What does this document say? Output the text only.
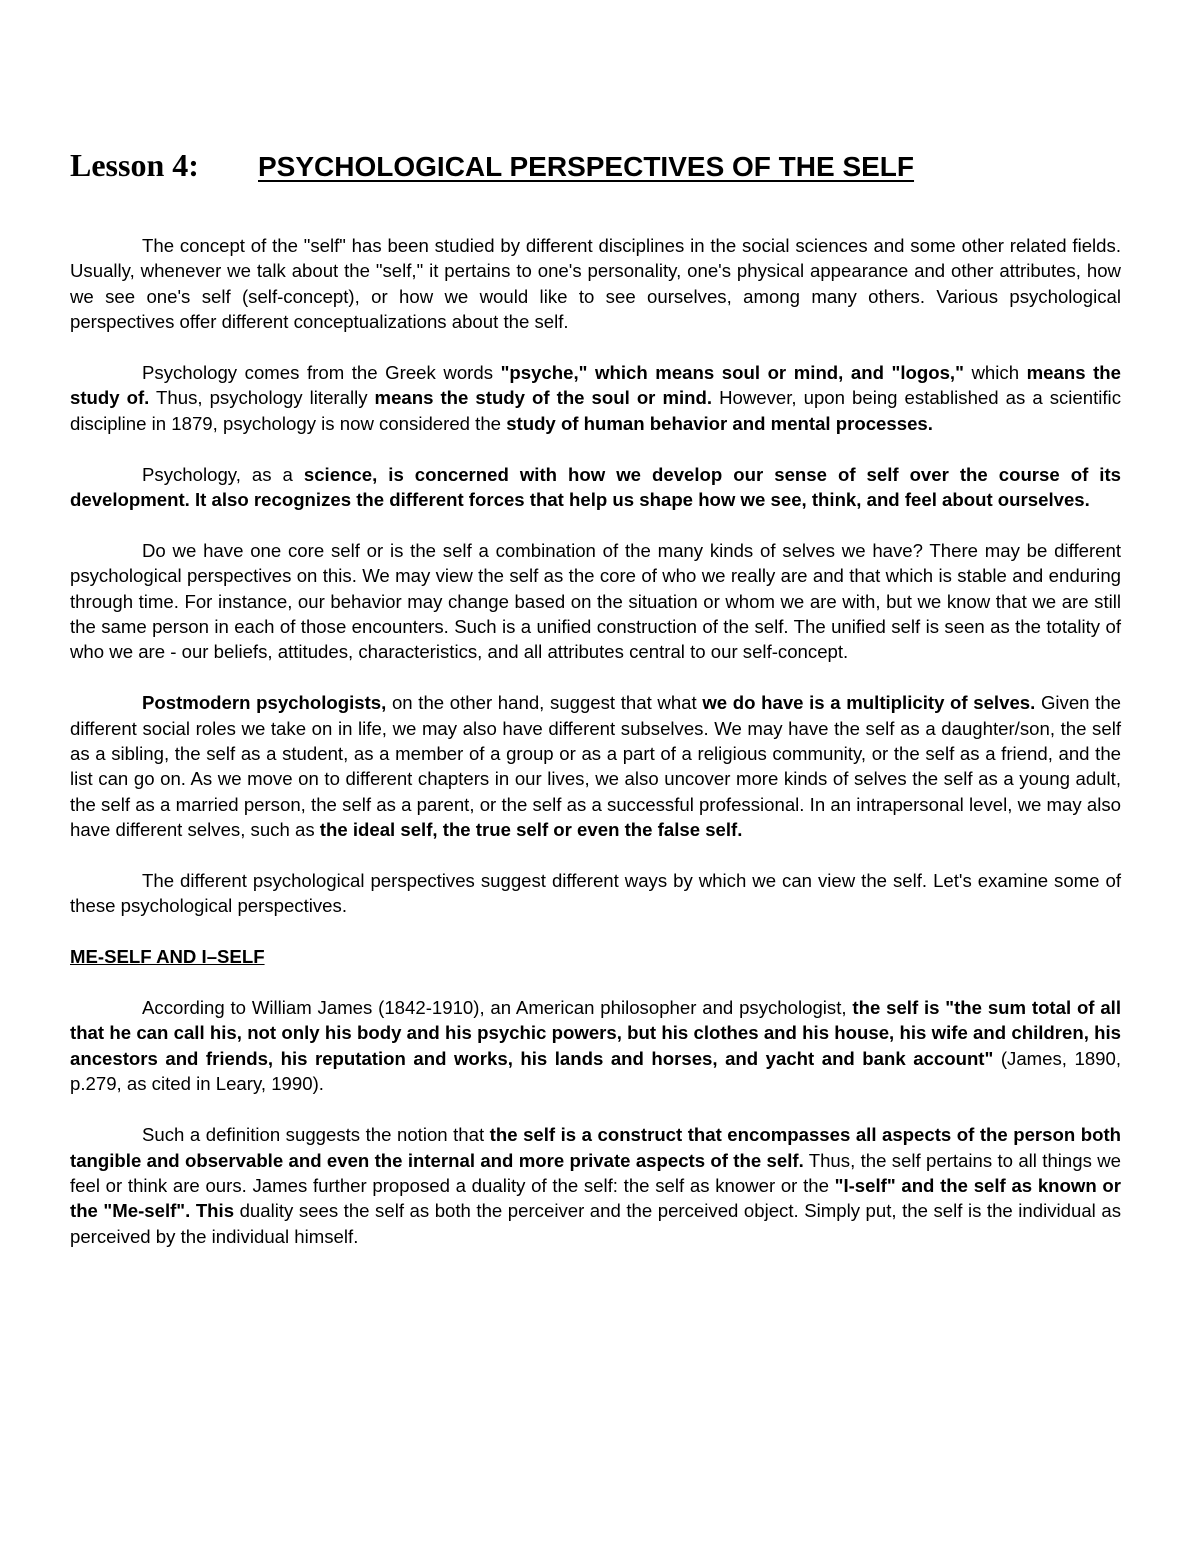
Lesson 4: PSYCHOLOGICAL PERSPECTIVES OF THE SELF

The concept of the "self" has been studied by different disciplines in the social sciences and some other related fields. Usually, whenever we talk about the "self," it pertains to one's personality, one's physical appearance and other attributes, how we see one's self (self-concept), or how we would like to see ourselves, among many others. Various psychological perspectives offer different conceptualizations about the self.

Psychology comes from the Greek words "psyche," which means soul or mind, and "logos," which means the study of. Thus, psychology literally means the study of the soul or mind. However, upon being established as a scientific discipline in 1879, psychology is now considered the study of human behavior and mental processes.

Psychology, as a science, is concerned with how we develop our sense of self over the course of its development. It also recognizes the different forces that help us shape how we see, think, and feel about ourselves.

Do we have one core self or is the self a combination of the many kinds of selves we have? There may be different psychological perspectives on this. We may view the self as the core of who we really are and that which is stable and enduring through time. For instance, our behavior may change based on the situation or whom we are with, but we know that we are still the same person in each of those encounters. Such is a unified construction of the self. The unified self is seen as the totality of who we are - our beliefs, attitudes, characteristics, and all attributes central to our self-concept.

Postmodern psychologists, on the other hand, suggest that what we do have is a multiplicity of selves. Given the different social roles we take on in life, we may also have different subselves. We may have the self as a daughter/son, the self as a sibling, the self as a student, as a member of a group or as a part of a religious community, or the self as a friend, and the list can go on. As we move on to different chapters in our lives, we also uncover more kinds of selves the self as a young adult, the self as a married person, the self as a parent, or the self as a successful professional. In an intrapersonal level, we may also have different selves, such as the ideal self, the true self or even the false self.

The different psychological perspectives suggest different ways by which we can view the self. Let's examine some of these psychological perspectives.

ME-SELF AND I–SELF

According to William James (1842-1910), an American philosopher and psychologist, the self is "the sum total of all that he can call his, not only his body and his psychic powers, but his clothes and his house, his wife and children, his ancestors and friends, his reputation and works, his lands and horses, and yacht and bank account" (James, 1890, p.279, as cited in Leary, 1990).

Such a definition suggests the notion that the self is a construct that encompasses all aspects of the person both tangible and observable and even the internal and more private aspects of the self. Thus, the self pertains to all things we feel or think are ours. James further proposed a duality of the self: the self as knower or the "I-self" and the self as known or the "Me-self". This duality sees the self as both the perceiver and the perceived object. Simply put, the self is the individual as perceived by the individual himself.
